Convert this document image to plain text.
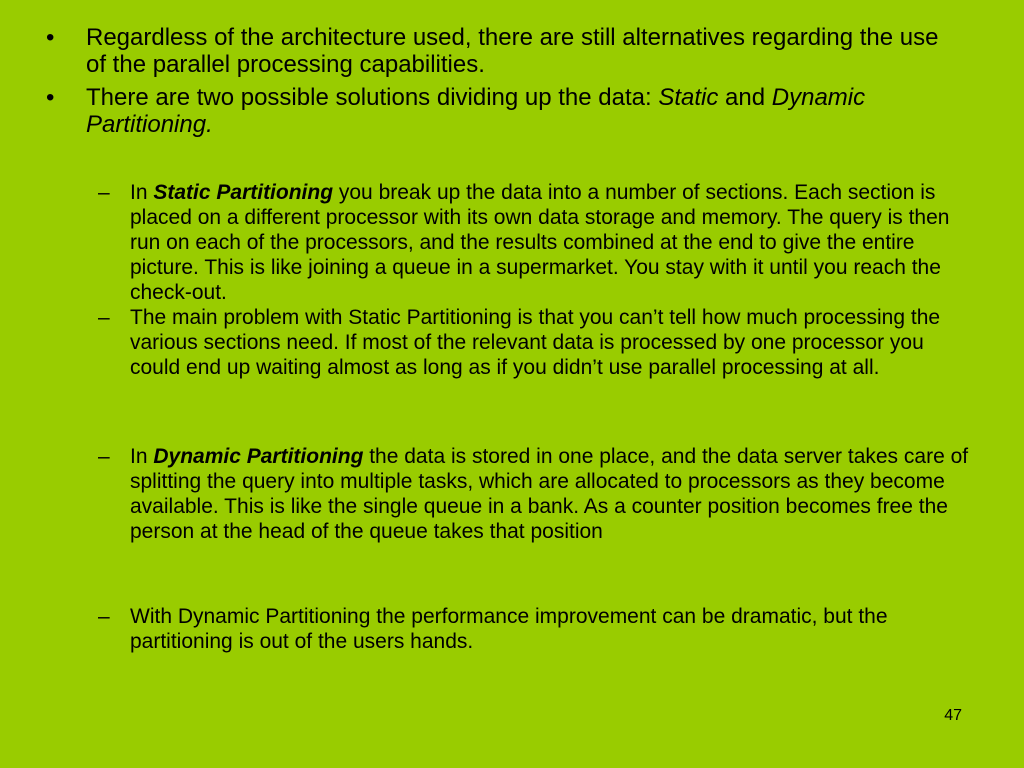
• Regardless of the architecture used, there are still alternatives regarding the use of the parallel processing capabilities.
• There are two possible solutions dividing up the data: Static and Dynamic Partitioning.
– In Static Partitioning you break up the data into a number of sections. Each section is placed on a different processor with its own data storage and memory. The query is then run on each of the processors, and the results combined at the end to give the entire picture. This is like joining a queue in a supermarket. You stay with it until you reach the check-out.
– The main problem with Static Partitioning is that you can’t tell how much processing the various sections need. If most of the relevant data is processed by one processor you could end up waiting almost as long as if you didn’t use parallel processing at all.
– In Dynamic Partitioning the data is stored in one place, and the data server takes care of splitting the query into multiple tasks, which are allocated to processors as they become available. This is like the single queue in a bank. As a counter position becomes free the person at the head of the queue takes that position
– With Dynamic Partitioning the performance improvement can be dramatic, but the partitioning is out of the users hands.
47
